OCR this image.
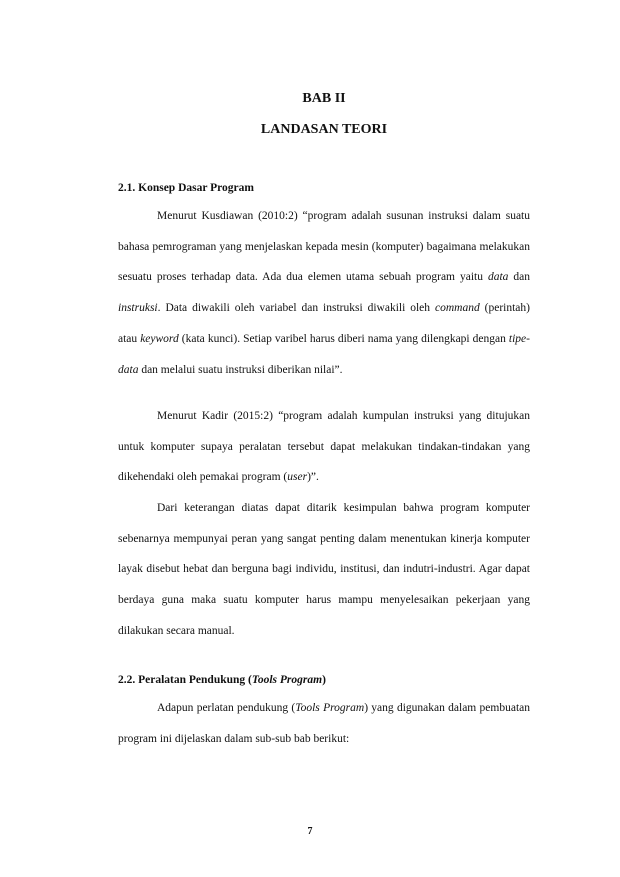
BAB II
LANDASAN TEORI
2.1. Konsep Dasar Program

Menurut Kusdiawan (2010:2) “program adalah susunan instruksi dalam suatu bahasa pemrograman yang menjelaskan kepada mesin (komputer) bagaimana melakukan sesuatu proses terhadap data. Ada dua elemen utama sebuah program yaitu data dan instruksi. Data diwakili oleh variabel dan instruksi diwakili oleh command (perintah) atau keyword (kata kunci). Setiap varibel harus diberi nama yang dilengkapi dengan tipe-data dan melalui suatu instruksi diberikan nilai”.

Menurut Kadir (2015:2) “program adalah kumpulan instruksi yang ditujukan untuk komputer supaya peralatan tersebut dapat melakukan tindakan-tindakan yang dikehendaki oleh pemakai program (user)”.

Dari keterangan diatas dapat ditarik kesimpulan bahwa program komputer sebenarnya mempunyai peran yang sangat penting dalam menentukan kinerja komputer layak disebut hebat dan berguna bagi individu, institusi, dan indutri-industri. Agar dapat berdaya guna maka suatu komputer harus mampu menyelesaikan pekerjaan yang dilakukan secara manual.

2.2. Peralatan Pendukung (Tools Program)

Adapun perlatan pendukung (Tools Program) yang digunakan dalam pembuatan program ini dijelaskan dalam sub-sub bab berikut:

7
